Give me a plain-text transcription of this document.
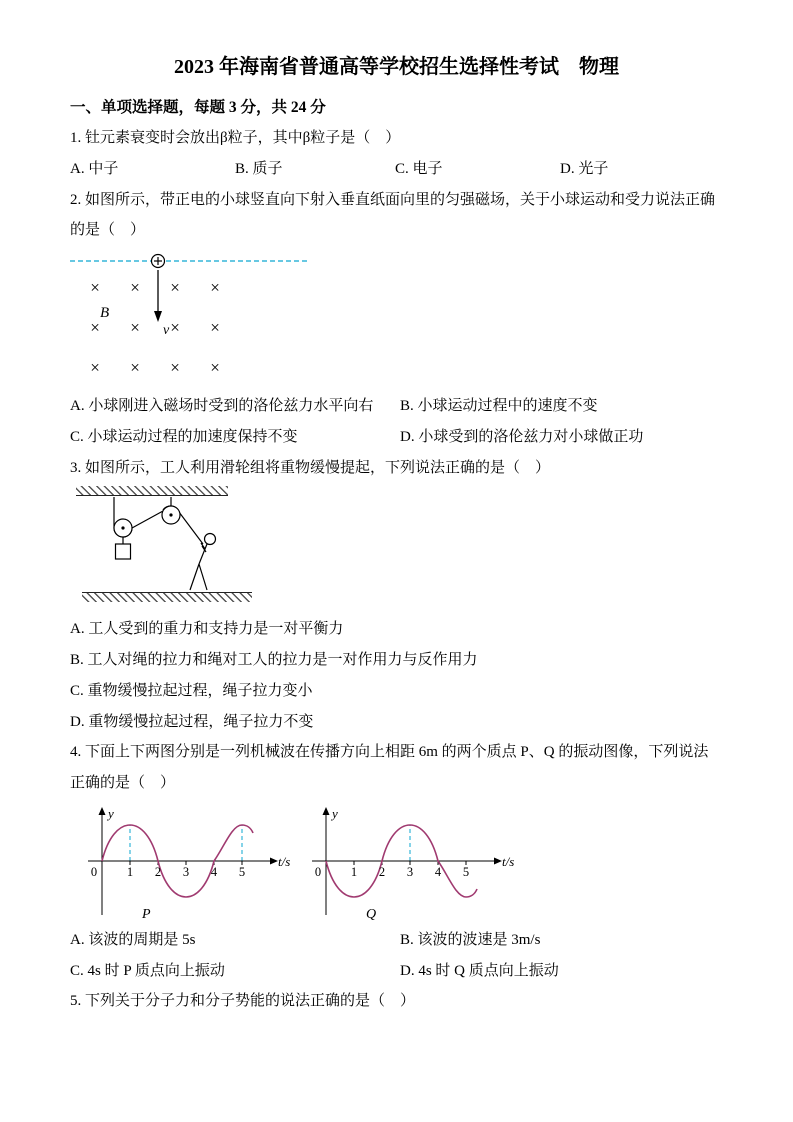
2023 年海南省普通高等学校招生选择性考试　物理
一、单项选择题，每题 3 分，共 24 分
1. 钍元素衰变时会放出β粒子，其中β粒子是（　）
A. 中子	B. 质子	C. 电子	D. 光子
2. 如图所示，带正电的小球竖直向下射入垂直纸面向里的匀强磁场，关于小球运动和受力说法正确的是（　）
× × × ×
× × × ×
× × × ×
B
v
A. 小球刚进入磁场时受到的洛伦兹力水平向右	B. 小球运动过程中的速度不变
C. 小球运动过程的加速度保持不变	D. 小球受到的洛伦兹力对小球做正功
3. 如图所示，工人利用滑轮组将重物缓慢提起，下列说法正确的是（　）
A. 工人受到的重力和支持力是一对平衡力
B. 工人对绳的拉力和绳对工人的拉力是一对作用力与反作用力
C. 重物缓慢拉起过程，绳子拉力变小
D. 重物缓慢拉起过程，绳子拉力不变
4. 下面上下两图分别是一列机械波在传播方向上相距 6m 的两个质点 P、Q 的振动图像，下列说法正确的是（　）
y
t/s
0 1 2 3 4 5
P
y
t/s
0 1 2 3 4 5
Q
A. 该波的周期是 5s	B. 该波的波速是 3m/s
C. 4s 时 P 质点向上振动	D. 4s 时 Q 质点向上振动
5. 下列关于分子力和分子势能的说法正确的是（　）
